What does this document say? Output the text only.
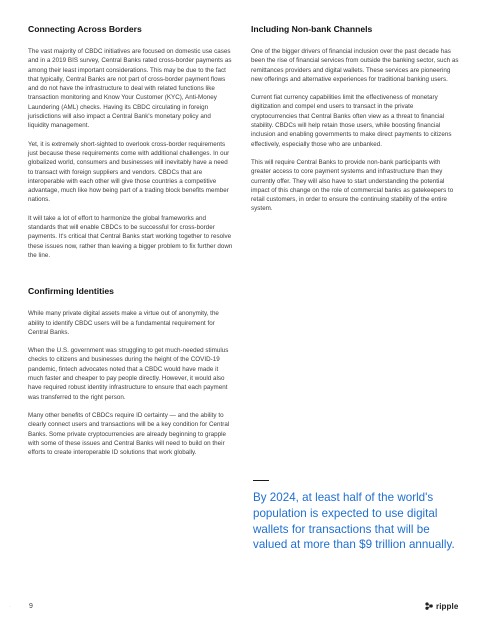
Connecting Across Borders

The vast majority of CBDC initiatives are focused on domestic use cases and in a 2019 BIS survey, Central Banks rated cross-border payments as among their least important considerations. This may be due to the fact that typically, Central Banks are not part of cross-border payment flows and do not have the infrastructure to deal with related functions like transaction monitoring and Know Your Customer (KYC), Anti-Money Laundering (AML) checks. Having its CBDC circulating in foreign jurisdictions will also impact a Central Bank's monetary policy and liquidity management.

Yet, it is extremely short-sighted to overlook cross-border requirements just because these requirements come with additional challenges. In our globalized world, consumers and businesses will inevitably have a need to transact with foreign suppliers and vendors. CBDCs that are interoperable with each other will give those countries a competitive advantage, much like how being part of a trading block benefits member nations.

It will take a lot of effort to harmonize the global frameworks and standards that will enable CBDCs to be successful for cross-border payments. It's critical that Central Banks start working together to resolve these issues now, rather than leaving a bigger problem to fix further down the line.

Confirming Identities

While many private digital assets make a virtue out of anonymity, the ability to identify CBDC users will be a fundamental requirement for Central Banks.

When the U.S. government was struggling to get much-needed stimulus checks to citizens and businesses during the height of the COVID-19 pandemic, fintech advocates noted that a CBDC would have made it much faster and cheaper to pay people directly. However, it would also have required robust identity infrastructure to ensure that each payment was transferred to the right person.

Many other benefits of CBDCs require ID certainty — and the ability to clearly connect users and transactions will be a key condition for Central Banks. Some private cryptocurrencies are already beginning to grapple with some of these issues and Central Banks will need to build on their efforts to create interoperable ID solutions that work globally.

Including Non-bank Channels

One of the bigger drivers of financial inclusion over the past decade has been the rise of financial services from outside the banking sector, such as remittances providers and digital wallets. These services are pioneering new offerings and alternative experiences for traditional banking users.

Current fiat currency capabilities limit the effectiveness of monetary digitization and compel end users to transact in the private cryptocurrencies that Central Banks often view as a threat to financial stability. CBDCs will help retain those users, while boosting financial inclusion and enabling governments to make direct payments to citizens effectively, especially those who are unbanked.

This will require Central Banks to provide non-bank participants with greater access to core payment systems and infrastructure than they currently offer. They will also have to start understanding the potential impact of this change on the role of commercial banks as gatekeepers to retail customers, in order to ensure the continuing stability of the entire system.

By 2024, at least half of the world's population is expected to use digital wallets for transactions that will be valued at more than $9 trillion annually.

·	9	ripple
